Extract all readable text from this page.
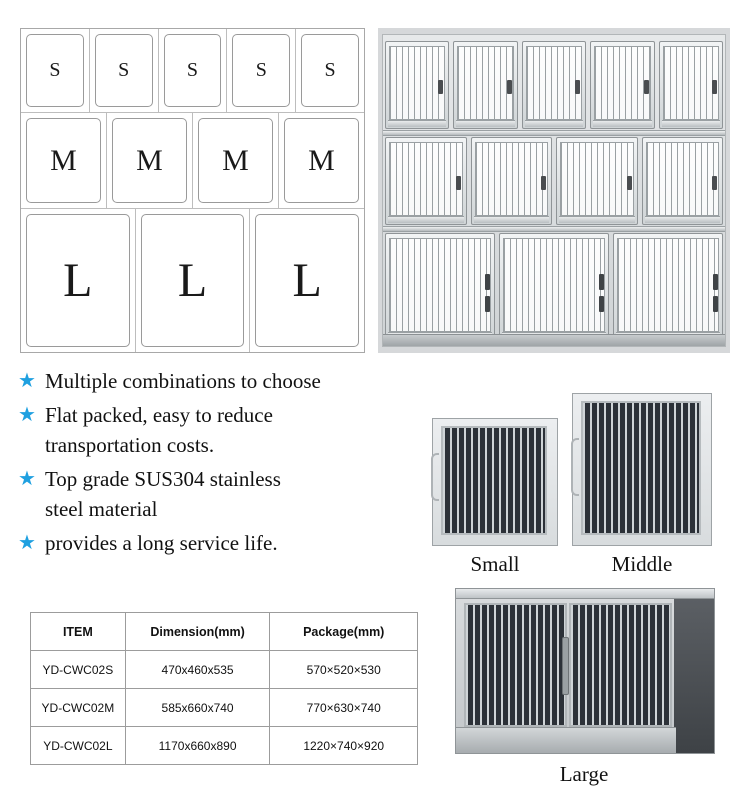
S	S	S	S	S
M M M M
L L L
★ Multiple combinations to choose
★ Flat packed, easy to reduce
transportation costs.
★ Top grade SUS304 stainless
steel material
★ provides a long service life.
Small	Middle
Large
ITEM	Dimension(mm)	Package(mm)
YD-CWC02S	470x460x535	570×520×530
YD-CWC02M	585x660x740	770×630×740
YD-CWC02L	1170x660x890	1220×740×920
